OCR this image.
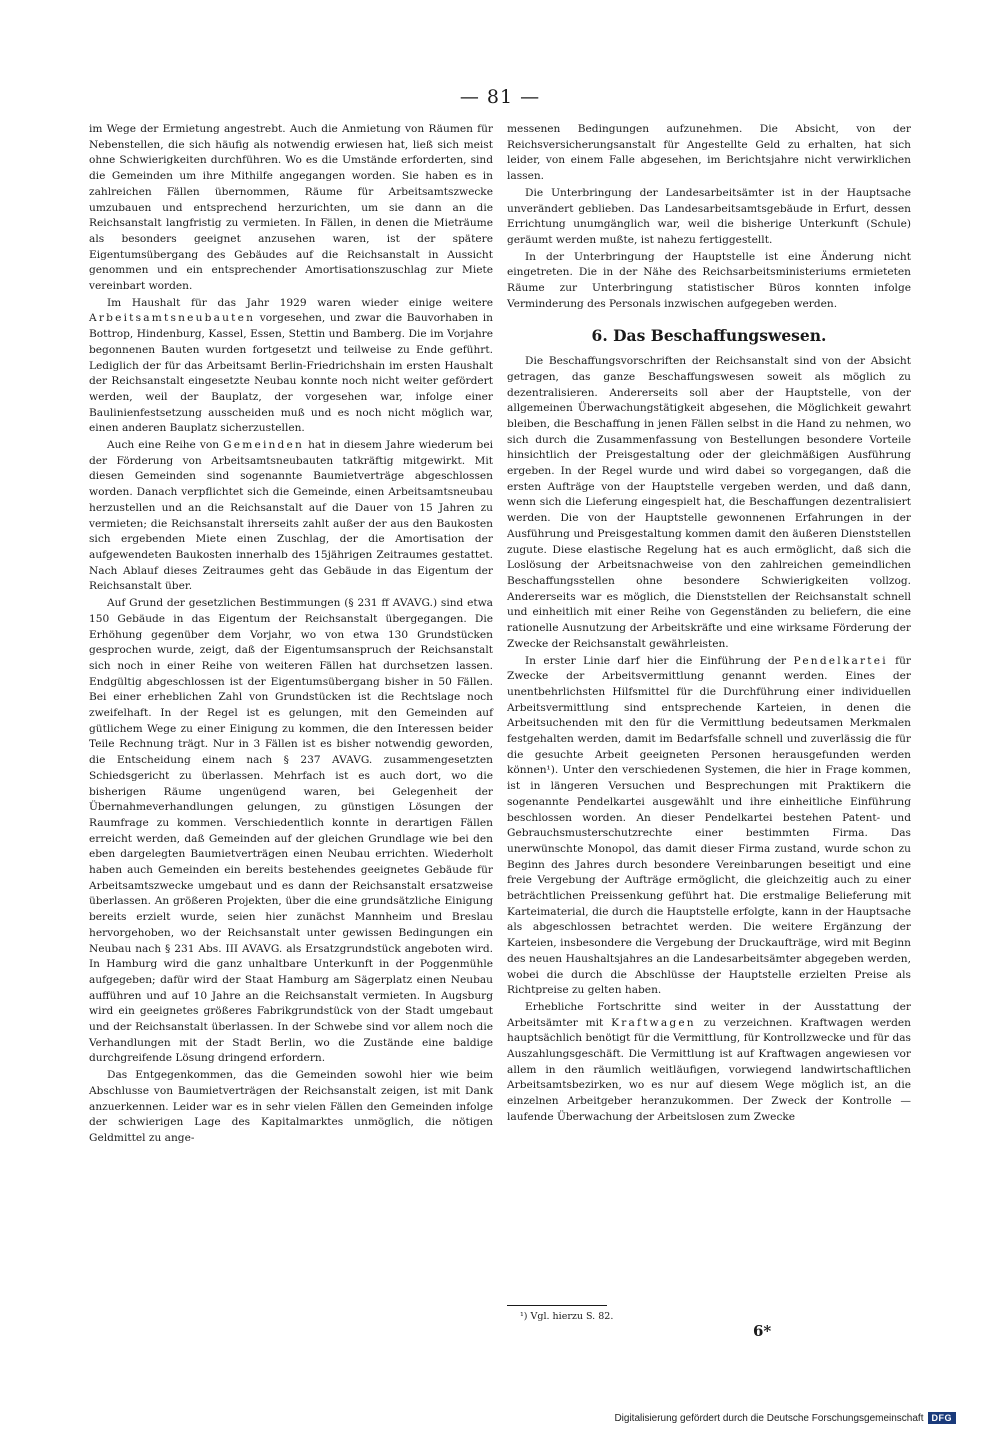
— 81 —

im Wege der Ermietung angestrebt. Auch die Anmietung von Räumen für Nebenstellen, die sich häufig als notwendig erwiesen hat, ließ sich meist ohne Schwierigkeiten durchführen. Wo es die Umstände erforderten, sind die Gemeinden um ihre Mithilfe angegangen worden. Sie haben es in zahlreichen Fällen übernommen, Räume für Arbeitsamtszwecke umzubauen und entsprechend herzurichten, um sie dann an die Reichsanstalt langfristig zu vermieten. In Fällen, in denen die Mieträume als besonders geeignet anzusehen waren, ist der spätere Eigentumsübergang des Gebäudes auf die Reichsanstalt in Aussicht genommen und ein entsprechender Amortisationszuschlag zur Miete vereinbart worden.

Im Haushalt für das Jahr 1929 waren wieder einige weitere Arbeitsamtsneubauten vorgesehen, und zwar die Bauvorhaben in Bottrop, Hindenburg, Kassel, Essen, Stettin und Bamberg. Die im Vorjahre begonnenen Bauten wurden fortgesetzt und teilweise zu Ende geführt. Lediglich der für das Arbeitsamt Berlin-Friedrichshain im ersten Haushalt der Reichsanstalt eingesetzte Neubau konnte noch nicht weiter gefördert werden, weil der Bauplatz, der vorgesehen war, infolge einer Baulinienfestsetzung ausscheiden muß und es noch nicht möglich war, einen anderen Bauplatz sicherzustellen.

Auch eine Reihe von Gemeinden hat in diesem Jahre wiederum bei der Förderung von Arbeitsamtsneubauten tatkräftig mitgewirkt. Mit diesen Gemeinden sind sogenannte Baumietverträge abgeschlossen worden. Danach verpflichtet sich die Gemeinde, einen Arbeitsamtsneubau herzustellen und an die Reichsanstalt auf die Dauer von 15 Jahren zu vermieten; die Reichsanstalt ihrerseits zahlt außer der aus den Baukosten sich ergebenden Miete einen Zuschlag, der die Amortisation der aufgewendeten Baukosten innerhalb des 15jährigen Zeitraumes gestattet. Nach Ablauf dieses Zeitraumes geht das Gebäude in das Eigentum der Reichsanstalt über.

Auf Grund der gesetzlichen Bestimmungen (§ 231 ff AVAVG.) sind etwa 150 Gebäude in das Eigentum der Reichsanstalt übergegangen. Die Erhöhung gegenüber dem Vorjahr, wo von etwa 130 Grundstücken gesprochen wurde, zeigt, daß der Eigentumsanspruch der Reichsanstalt sich noch in einer Reihe von weiteren Fällen hat durchsetzen lassen. Endgültig abgeschlossen ist der Eigentumsübergang bisher in 50 Fällen. Bei einer erheblichen Zahl von Grundstücken ist die Rechtslage noch zweifelhaft. In der Regel ist es gelungen, mit den Gemeinden auf gütlichem Wege zu einer Einigung zu kommen, die den Interessen beider Teile Rechnung trägt. Nur in 3 Fällen ist es bisher notwendig geworden, die Entscheidung einem nach § 237 AVAVG. zusammengesetzten Schiedsgericht zu überlassen. Mehrfach ist es auch dort, wo die bisherigen Räume ungenügend waren, bei Gelegenheit der Übernahmeverhandlungen gelungen, zu günstigen Lösungen der Raumfrage zu kommen. Verschiedentlich konnte in derartigen Fällen erreicht werden, daß Gemeinden auf der gleichen Grundlage wie bei den eben dargelegten Baumietverträgen einen Neubau errichten. Wiederholt haben auch Gemeinden ein bereits bestehendes geeignetes Gebäude für Arbeitsamtszwecke umgebaut und es dann der Reichsanstalt ersatzweise überlassen. An größeren Projekten, über die eine grundsätzliche Einigung bereits erzielt wurde, seien hier zunächst Mannheim und Breslau hervorgehoben, wo der Reichsanstalt unter gewissen Bedingungen ein Neubau nach § 231 Abs. III AVAVG. als Ersatzgrundstück angeboten wird. In Hamburg wird die ganz unhaltbare Unterkunft in der Poggenmühle aufgegeben; dafür wird der Staat Hamburg am Sägerplatz einen Neubau aufführen und auf 10 Jahre an die Reichsanstalt vermieten. In Augsburg wird ein geeignetes größeres Fabrikgrundstück von der Stadt umgebaut und der Reichsanstalt überlassen. In der Schwebe sind vor allem noch die Verhandlungen mit der Stadt Berlin, wo die Zustände eine baldige durchgreifende Lösung dringend erfordern.

Das Entgegenkommen, das die Gemeinden sowohl hier wie beim Abschlusse von Baumietverträgen der Reichsanstalt zeigen, ist mit Dank anzuerkennen. Leider war es in sehr vielen Fällen den Gemeinden infolge der schwierigen Lage des Kapitalmarktes unmöglich, die nötigen Geldmittel zu ange-

messenen Bedingungen aufzunehmen. Die Absicht, von der Reichsversicherungsanstalt für Angestellte Geld zu erhalten, hat sich leider, von einem Falle abgesehen, im Berichtsjahre nicht verwirklichen lassen.

Die Unterbringung der Landesarbeitsämter ist in der Hauptsache unverändert geblieben. Das Landesarbeitsamtsgebäude in Erfurt, dessen Errichtung unumgänglich war, weil die bisherige Unterkunft (Schule) geräumt werden mußte, ist nahezu fertiggestellt.

In der Unterbringung der Hauptstelle ist eine Änderung nicht eingetreten. Die in der Nähe des Reichsarbeitsministeriums ermieteten Räume zur Unterbringung statistischer Büros konnten infolge Verminderung des Personals inzwischen aufgegeben werden.

6. Das Beschaffungswesen.

Die Beschaffungsvorschriften der Reichsanstalt sind von der Absicht getragen, das ganze Beschaffungswesen soweit als möglich zu dezentralisieren. Andererseits soll aber der Hauptstelle, von der allgemeinen Überwachungstätigkeit abgesehen, die Möglichkeit gewahrt bleiben, die Beschaffung in jenen Fällen selbst in die Hand zu nehmen, wo sich durch die Zusammenfassung von Bestellungen besondere Vorteile hinsichtlich der Preisgestaltung oder der gleichmäßigen Ausführung ergeben. In der Regel wurde und wird dabei so vorgegangen, daß die ersten Aufträge von der Hauptstelle vergeben werden, und daß dann, wenn sich die Lieferung eingespielt hat, die Beschaffungen dezentralisiert werden. Die von der Hauptstelle gewonnenen Erfahrungen in der Ausführung und Preisgestaltung kommen damit den äußeren Dienststellen zugute. Diese elastische Regelung hat es auch ermöglicht, daß sich die Loslösung der Arbeitsnachweise von den zahlreichen gemeindlichen Beschaffungsstellen ohne besondere Schwierigkeiten vollzog. Andererseits war es möglich, die Dienststellen der Reichsanstalt schnell und einheitlich mit einer Reihe von Gegenständen zu beliefern, die eine rationelle Ausnutzung der Arbeitskräfte und eine wirksame Förderung der Zwecke der Reichsanstalt gewährleisten.

In erster Linie darf hier die Einführung der Pendelkartei für Zwecke der Arbeitsvermittlung genannt werden. Eines der unentbehrlichsten Hilfsmittel für die Durchführung einer individuellen Arbeitsvermittlung sind entsprechende Karteien, in denen die Arbeitsuchenden mit den für die Vermittlung bedeutsamen Merkmalen festgehalten werden, damit im Bedarfsfalle schnell und zuverlässig die für die gesuchte Arbeit geeigneten Personen herausgefunden werden können¹). Unter den verschiedenen Systemen, die hier in Frage kommen, ist in längeren Versuchen und Besprechungen mit Praktikern die sogenannte Pendelkartei ausgewählt und ihre einheitliche Einführung beschlossen worden. An dieser Pendelkartei bestehen Patent- und Gebrauchsmusterschutzrechte einer bestimmten Firma. Das unerwünschte Monopol, das damit dieser Firma zustand, wurde schon zu Beginn des Jahres durch besondere Vereinbarungen beseitigt und eine freie Vergebung der Aufträge ermöglicht, die gleichzeitig auch zu einer beträchtlichen Preissenkung geführt hat. Die erstmalige Belieferung mit Karteimaterial, die durch die Hauptstelle erfolgte, kann in der Hauptsache als abgeschlossen betrachtet werden. Die weitere Ergänzung der Karteien, insbesondere die Vergebung der Druckaufträge, wird mit Beginn des neuen Haushaltsjahres an die Landesarbeitsämter abgegeben werden, wobei die durch die Abschlüsse der Hauptstelle erzielten Preise als Richtpreise zu gelten haben.

Erhebliche Fortschritte sind weiter in der Ausstattung der Arbeitsämter mit Kraftwagen zu verzeichnen. Kraftwagen werden hauptsächlich benötigt für die Vermittlung, für Kontrollzwecke und für das Auszahlungsgeschäft. Die Vermittlung ist auf Kraftwagen angewiesen vor allem in den räumlich weitläufigen, vorwiegend landwirtschaftlichen Arbeitsamtsbezirken, wo es nur auf diesem Wege möglich ist, an die einzelnen Arbeitgeber heranzukommen. Der Zweck der Kontrolle — laufende Überwachung der Arbeitslosen zum Zwecke

¹) Vgl. hierzu S. 82.
6*
Digitalisierung gefördert durch die Deutsche Forschungsgemeinschaft DFG
